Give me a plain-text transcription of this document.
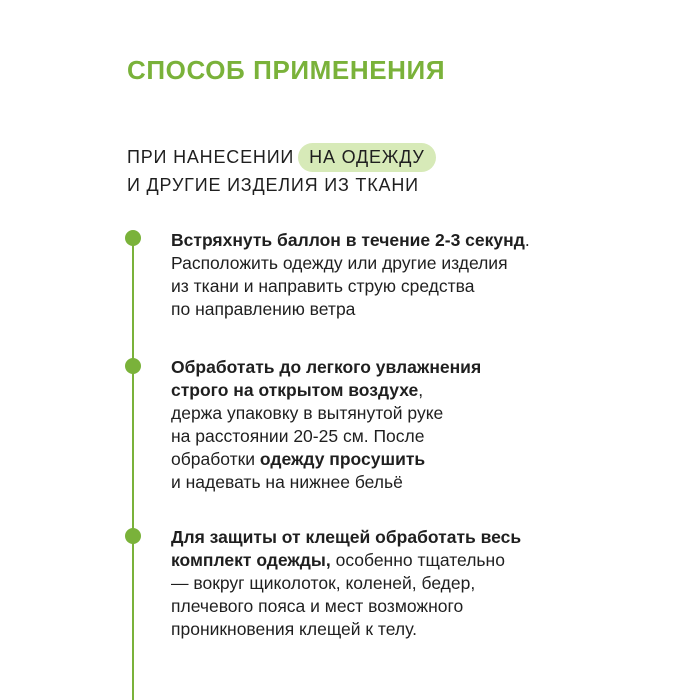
СПОСОБ ПРИМЕНЕНИЯ

ПРИ НАНЕСЕНИИ НА ОДЕЖДУ
И ДРУГИЕ ИЗДЕЛИЯ ИЗ ТКАНИ

Встряхнуть баллон в течение 2-3 секунд.
Расположить одежду или другие изделия
из ткани и направить струю средства
по направлению ветра

Обработать до легкого увлажнения
строго на открытом воздухе,
держа упаковку в вытянутой руке
на расстоянии 20-25 см. После
обработки одежду просушить
и надевать на нижнее бельё

Для защиты от клещей обработать весь
комплект одежды, особенно тщательно
— вокруг щиколоток, коленей, бедер,
плечевого пояса и мест возможного
проникновения клещей к телу.
